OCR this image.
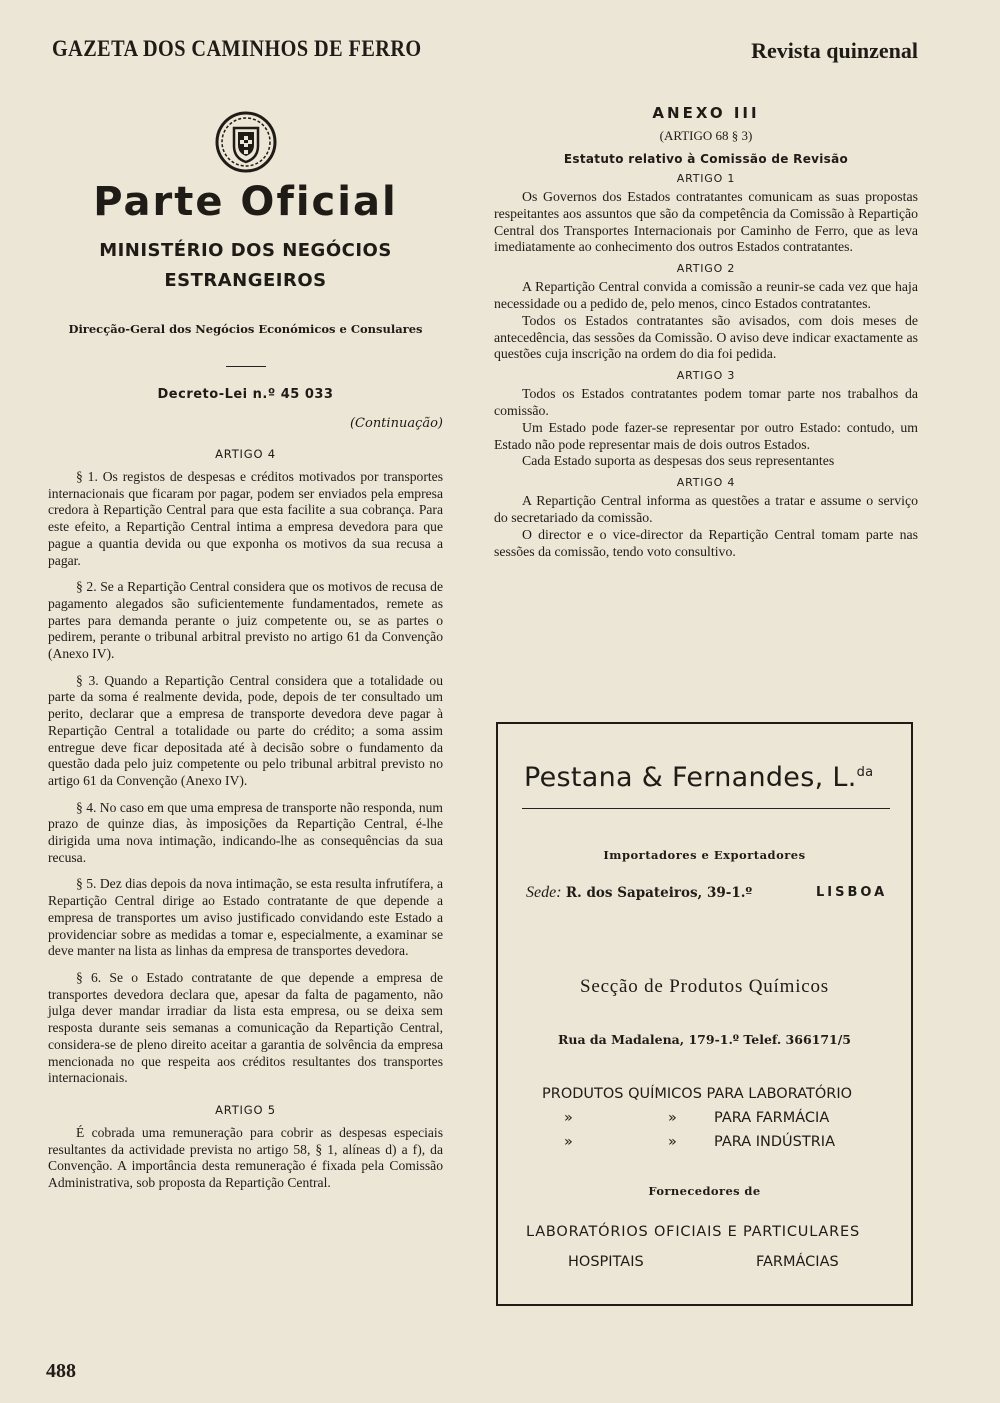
GAZETA DOS CAMINHOS DE FERRO	Revista quinzenal
Parte Oficial
MINISTÉRIO DOS NEGÓCIOS
ESTRANGEIROS
Direcção-Geral dos Negócios Económicos e Consulares
Decreto-Lei n.º 45 033
(Continuação)
ARTIGO 4

§ 1. Os registos de despesas e créditos motivados por transportes internacionais que ficaram por pagar, podem ser enviados pela empresa credora à Repartição Central para que esta facilite a sua cobrança. Para este efeito, a Repartição Central intima a empresa devedora para que pague a quantia devida ou que exponha os motivos da sua recusa a pagar.

§ 2. Se a Repartição Central considera que os motivos de recusa de pagamento alegados são suficientemente fundamentados, remete as partes para demanda perante o juiz competente ou, se as partes o pedirem, perante o tribunal arbitral previsto no artigo 61 da Convenção (Anexo IV).

§ 3. Quando a Repartição Central considera que a totalidade ou parte da soma é realmente devida, pode, depois de ter consultado um perito, declarar que a empresa de transporte devedora deve pagar à Repartição Central a totalidade ou parte do crédito; a soma assim entregue deve ficar depositada até à decisão sobre o fundamento da questão dada pelo juiz competente ou pelo tribunal arbitral previsto no artigo 61 da Convenção (Anexo IV).

§ 4. No caso em que uma empresa de transporte não responda, num prazo de quinze dias, às imposições da Repartição Central, é-lhe dirigida uma nova intimação, indicando-lhe as consequências da sua recusa.

§ 5. Dez dias depois da nova intimação, se esta resulta infrutífera, a Repartição Central dirige ao Estado contratante de que depende a empresa de transportes um aviso justificado convidando este Estado a providenciar sobre as medidas a tomar e, especialmente, a examinar se deve manter na lista as linhas da empresa de transportes devedora.

§ 6. Se o Estado contratante de que depende a empresa de transportes devedora declara que, apesar da falta de pagamento, não julga dever mandar irradiar da lista esta empresa, ou se deixa sem resposta durante seis semanas a comunicação da Repartição Central, considera-se de pleno direito aceitar a garantia de solvência da empresa mencionada no que respeita aos créditos resultantes dos transportes internacionais.

ARTIGO 5

É cobrada uma remuneração para cobrir as despesas especiais resultantes da actividade prevista no artigo 58, § 1, alíneas d) a f), da Convenção. A importância desta remuneração é fixada pela Comissão Administrativa, sob proposta da Repartição Central.

ANEXO III
(ARTIGO 68 § 3)
Estatuto relativo à Comissão de Revisão
ARTIGO 1

Os Governos dos Estados contratantes comunicam as suas propostas respeitantes aos assuntos que são da competência da Comissão à Repartição Central dos Transportes Internacionais por Caminho de Ferro, que as leva imediatamente ao conhecimento dos outros Estados contratantes.

ARTIGO 2

A Repartição Central convida a comissão a reunir-se cada vez que haja necessidade ou a pedido de, pelo menos, cinco Estados contratantes.

Todos os Estados contratantes são avisados, com dois meses de antecedência, das sessões da Comissão. O aviso deve indicar exactamente as questões cuja inscrição na ordem do dia foi pedida.

ARTIGO 3

Todos os Estados contratantes podem tomar parte nos trabalhos da comissão.

Um Estado pode fazer-se representar por outro Estado: contudo, um Estado não pode representar mais de dois outros Estados.

Cada Estado suporta as despesas dos seus representantes

ARTIGO 4

A Repartição Central informa as questões a tratar e assume o serviço do secretariado da comissão.

O director e o vice-director da Repartição Central tomam parte nas sessões da comissão, tendo voto consultivo.

Pestana & Fernandes, L.$^{da}$
Importadores e Exportadores
Sede: R. dos Sapateiros, 39-1.º	LISBOA
Secção de Produtos Químicos
Rua da Madalena, 179-1.º Telef. 366171/5
PRODUTOS QUÍMICOS PARA LABORATÓRIO
»	»	PARA FARMÁCIA
»	»	PARA INDÚSTRIA
Fornecedores de
LABORATÓRIOS OFICIAIS E PARTICULARES
HOSPITAIS	FARMÁCIAS
488
